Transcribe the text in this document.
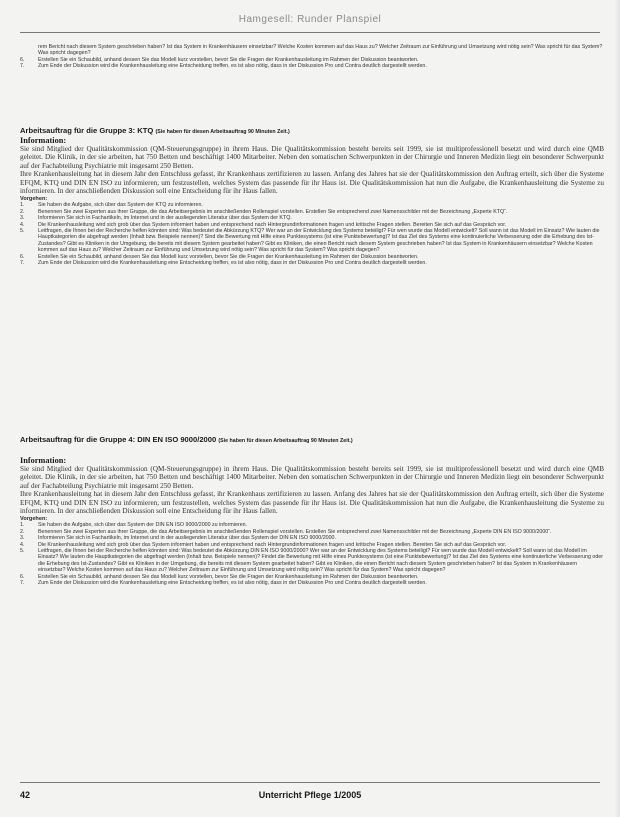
Hamgesell: Runder Planspiel
rem Bericht nach diesem System geschrieben haben? Ist das System in Krankenhäusern einsetzbar? Welche Kosten kommen auf das Haus zu? Welcher Zeitraum zur Einführung und Umsetzung wird nötig sein? Was spricht für das System? Was spricht dagegen?
6.	Erstellen Sie ein Schaubild, anhand dessen Sie das Modell kurz vorstellen, bevor Sie die Fragen der Krankenhausleitung im Rahmen der Diskussion beantworten.
7.	Zum Ende der Diskussion wird die Krankenhausleitung eine Entscheidung treffen, es ist also nötig, dass in der Diskussion Pro und Contra deutlich dargestellt werden.
Arbeitsauftrag für die Gruppe 3: KTQ (Sie haben für diesen Arbeitsauftrag 90 Minuten Zeit.)
Information:

Sie sind Mitglied der Qualitätskommission (QM-Steuerungsgruppe) in ihrem Haus. Die Qualitätskommission besteht bereits seit 1999, sie ist multiprofessionell besetzt und wird durch eine QMB geleitet. Die Klinik, in der sie arbeiten, hat 750 Betten und beschäftigt 1400 Mitarbeiter. Neben den somatischen Schwerpunkten in der Chirurgie und Inneren Medizin liegt ein besonderer Schwerpunkt auf der Fachabteilung Psychiatrie mit insgesamt 250 Betten.

Ihre Krankenhausleitung hat in diesem Jahr den Entschluss gefasst, ihr Krankenhaus zertifizieren zu lassen. Anfang des Jahres hat sie der Qualitätskommission den Auftrag erteilt, sich über die Systeme EFQM, KTQ und DIN EN ISO zu informieren, um festzustellen, welches System das passende für ihr Haus ist. Die Qualitätskommission hat nun die Aufgabe, die Krankenhausleitung die Systeme zu informieren. In der anschließenden Diskussion soll eine Entscheidung für ihr Haus fallen.

Vorgehen:
1.	Sie haben die Aufgabe, sich über das System der KTQ zu informieren.
2.	Benennen Sie zwei Experten aus ihrer Gruppe, die das Arbeitsergebnis im anschließenden Rollenspiel vorstellen. Erstellen Sie entsprechend zwei Namensschilder mit der Bezeichnung „Experte KTQ“.
3.	Informieren Sie sich in Fachartikeln, im Internet und in der ausliegenden Literatur über das System der KTQ.
4.	Die Krankenhausleitung wird sich grob über das System informiert haben und entsprechend nach Hintergrundinformationen fragen und kritische Fragen stellen. Bereiten Sie sich auf das Gespräch vor.
5.	Leitfragen, die Ihnen bei der Recherche helfen könnten sind: Was bedeutet die Abkürzung KTQ? Wer war an der Entwicklung des Systems beteiligt? Für wen wurde das Modell entwickelt? Soll wann ist das Modell im Einsatz? Wie lauten die Hauptkategorien die abgefragt werden (Inhalt bzw. Beispiele nennen)? Sind die Bewertung mit Hilfe eines Punktesystems (ist eine Punktebewertung)? Ist das Ziel des Systems eine kontinuierliche Verbesserung oder die Erhebung des Ist-Zustandes? Gibt es Kliniken in der Umgebung, die bereits mit diesem System gearbeitet haben? Gibt es Kliniken, die einen Bericht nach diesem System geschrieben haben? Ist das System in Krankenhäusern einsetzbar? Welche Kosten kommen auf das Haus zu? Welcher Zeitraum zur Einführung und Umsetzung wird nötig sein? Was spricht für das System? Was spricht dagegen?
6.	Erstellen Sie ein Schaubild, anhand dessen Sie das Modell kurz vorstellen, bevor Sie die Fragen der Krankenhausleitung im Rahmen der Diskussion beantworten.
7.	Zum Ende der Diskussion wird die Krankenhausleitung eine Entscheidung treffen, es ist also nötig, dass in der Diskussion Pro und Contra deutlich dargestellt werden.
Arbeitsauftrag für die Gruppe 4: DIN EN ISO 9000/2000 (Sie haben für diesen Arbeitsauftrag 90 Minuten Zeit.)
Information:

Sie sind Mitglied der Qualitätskommission (QM-Steuerungsgruppe) in ihrem Haus. Die Qualitätskommission besteht bereits seit 1999, sie ist multiprofessionell besetzt und wird durch eine QMB geleitet. Die Klinik, in der sie arbeiten, hat 750 Betten und beschäftigt 1400 Mitarbeiter. Neben den somatischen Schwerpunkten in der Chirurgie und Inneren Medizin liegt ein besonderer Schwerpunkt auf der Fachabteilung Psychiatrie mit insgesamt 250 Betten.

Ihre Krankenhausleitung hat in diesem Jahr den Entschluss gefasst, ihr Krankenhaus zertifizieren zu lassen. Anfang des Jahres hat sie der Qualitätskommission den Auftrag erteilt, sich über die Systeme EFQM, KTQ und DIN EN ISO zu informieren, um festzustellen, welches System das passende für ihr Haus ist. Die Qualitätskommission hat nun die Aufgabe, die Krankenhausleitung die Systeme zu informieren. In der anschließenden Diskussion soll eine Entscheidung für ihr Haus fallen.

Vorgehen:
1.	Sie haben die Aufgabe, sich über das System der DIN EN ISO 9000/2000 zu informieren.
2.	Benennen Sie zwei Experten aus ihrer Gruppe, die das Arbeitsergebnis im anschließenden Rollenspiel vorstellen. Erstellen Sie entsprechend zwei Namensschilder mit der Bezeichnung „Experte DIN EN ISO 9000/2000“.
3.	Informieren Sie sich in Fachartikeln, im Internet und in der ausliegenden Literatur über das System der DIN EN ISO 9000/2000.
4.	Die Krankenhausleitung wird sich grob über das System informiert haben und entsprechend nach Hintergrundinformationen fragen und kritische Fragen stellen. Bereiten Sie sich auf das Gespräch vor.
5.	Leitfragen, die Ihnen bei der Recherche helfen könnten sind: Was bedeutet die Abkürzung DIN EN ISO 9000/2000? Wer war an der Entwicklung des Systems beteiligt? Für wen wurde das Modell entwickelt? Soll wann ist das Modell im Einsatz? Wie lauten die Hauptkategorien die abgefragt werden (Inhalt bzw. Beispiele nennen)? Findet die Bewertung mit Hilfe eines Punktesystems (ist eine Punktebewertung)? Ist das Ziel des Systems eine kontinuierliche Verbesserung oder die Erhebung des Ist-Zustandes? Gibt es Kliniken in der Umgebung, die bereits mit diesem System gearbeitet haben? Gibt es Kliniken, die einen Bericht nach diesem System geschrieben haben? Ist das System in Krankenhäusern einsetzbar? Welche Kosten kommen auf das Haus zu? Welcher Zeitraum zur Einführung und Umsetzung wird nötig sein? Was spricht für das System? Was spricht dagegen?
6.	Erstellen Sie ein Schaubild, anhand dessen Sie das Modell kurz vorstellen, bevor Sie die Fragen der Krankenhausleitung im Rahmen der Diskussion beantworten.
7.	Zum Ende der Diskussion wird die Krankenhausleitung eine Entscheidung treffen, es ist also nötig, dass in der Diskussion Pro und Contra deutlich dargestellt werden.
42	Unterricht Pflege 1/2005
